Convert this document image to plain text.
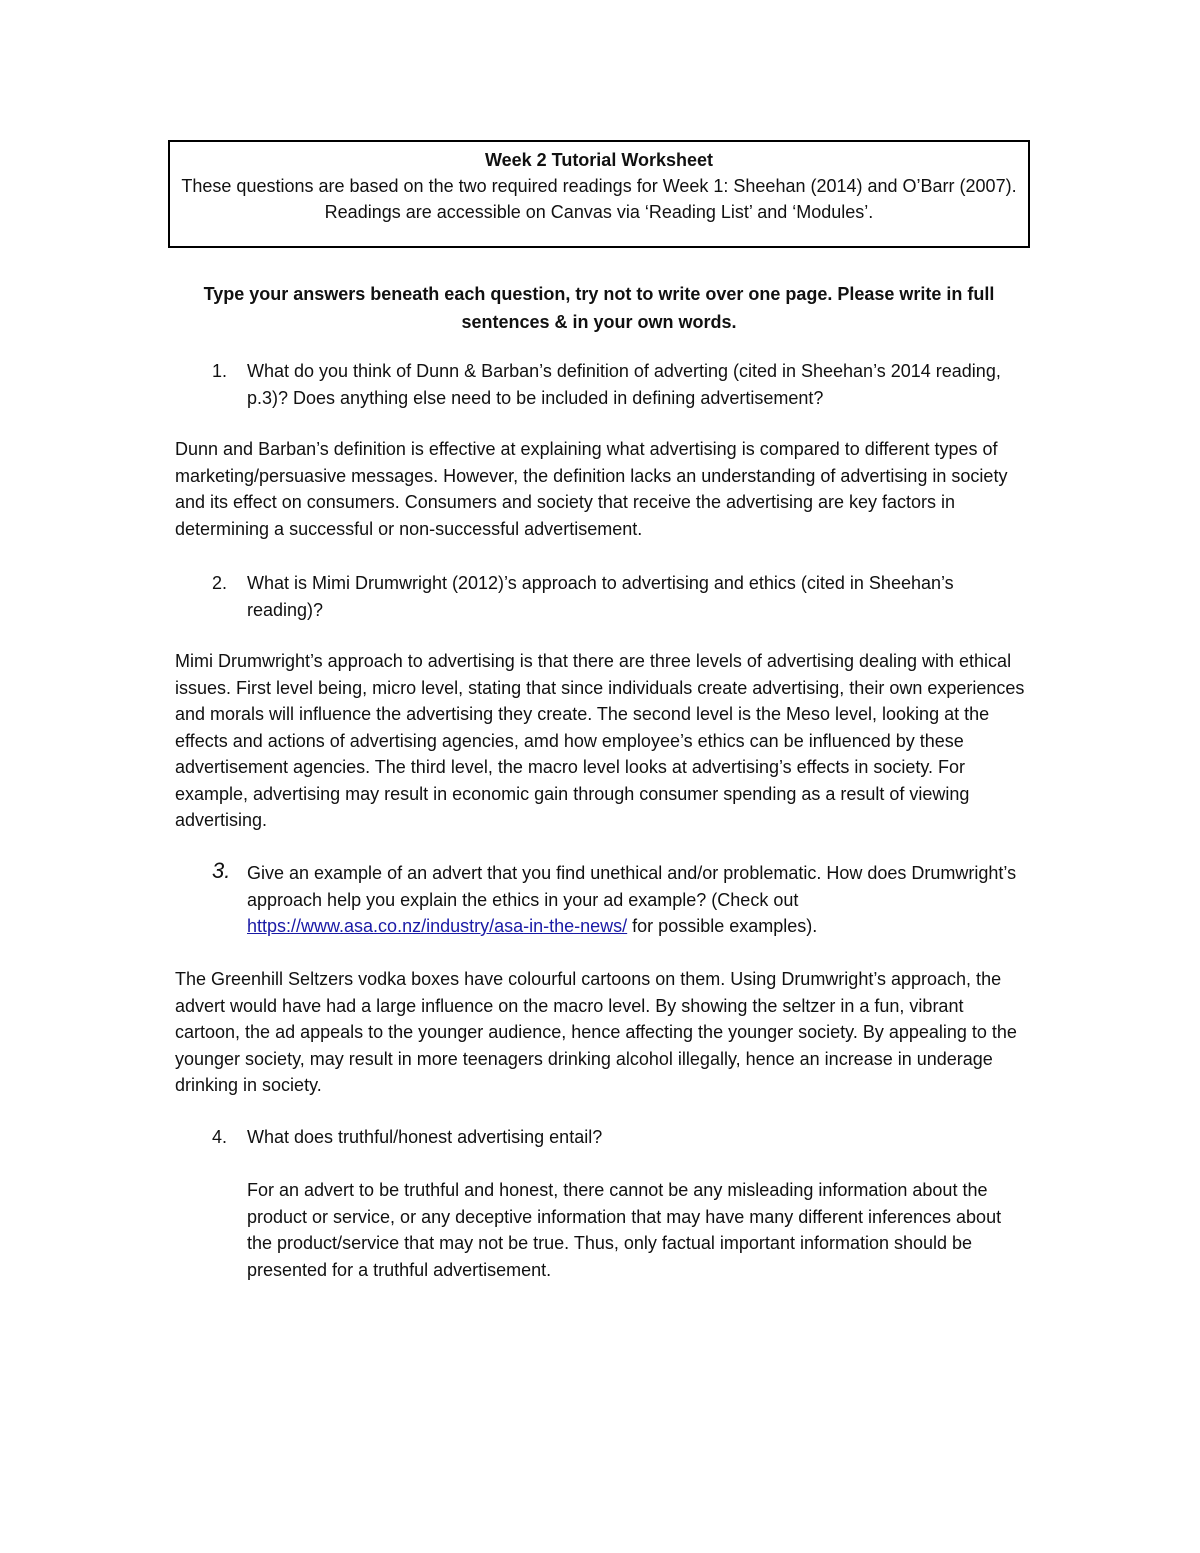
Week 2 Tutorial Worksheet
These questions are based on the two required readings for Week 1: Sheehan (2014) and O’Barr (2007). Readings are accessible on Canvas via ‘Reading List’ and ‘Modules’.
Type your answers beneath each question, try not to write over one page. Please write in full sentences & in your own words.
1.	What do you think of Dunn & Barban’s definition of adverting (cited in Sheehan’s 2014 reading, p.3)? Does anything else need to be included in defining advertisement?
Dunn and Barban’s definition is effective at explaining what advertising is compared to different types of marketing/persuasive messages. However, the definition lacks an understanding of advertising in society and its effect on consumers. Consumers and society that receive the advertising are key factors in determining a successful or non-successful advertisement.
2.	What is Mimi Drumwright (2012)’s approach to advertising and ethics (cited in Sheehan’s reading)?
Mimi Drumwright’s approach to advertising is that there are three levels of advertising dealing with ethical issues. First level being, micro level, stating that since individuals create advertising, their own experiences and morals will influence the advertising they create. The second level is the Meso level, looking at the effects and actions of advertising agencies, amd how employee’s ethics can be influenced by these advertisement agencies. The third level, the macro level looks at advertising’s effects in society. For example, advertising may result in economic gain through consumer spending as a result of viewing advertising.
3. Give an example of an advert that you find unethical and/or problematic. How does Drumwright’s approach help you explain the ethics in your ad example? (Check out https://www.asa.co.nz/industry/asa-in-the-news/ for possible examples).
The Greenhill Seltzers vodka boxes have colourful cartoons on them. Using Drumwright’s approach, the advert would have had a large influence on the macro level. By showing the seltzer in a fun, vibrant cartoon, the ad appeals to the younger audience, hence affecting the younger society. By appealing to the younger society, may result in more teenagers drinking alcohol illegally, hence an increase in underage drinking in society.
4.	What does truthful/honest advertising entail?
For an advert to be truthful and honest, there cannot be any misleading information about the product or service, or any deceptive information that may have many different inferences about the product/service that may not be true. Thus, only factual important information should be presented for a truthful advertisement.
